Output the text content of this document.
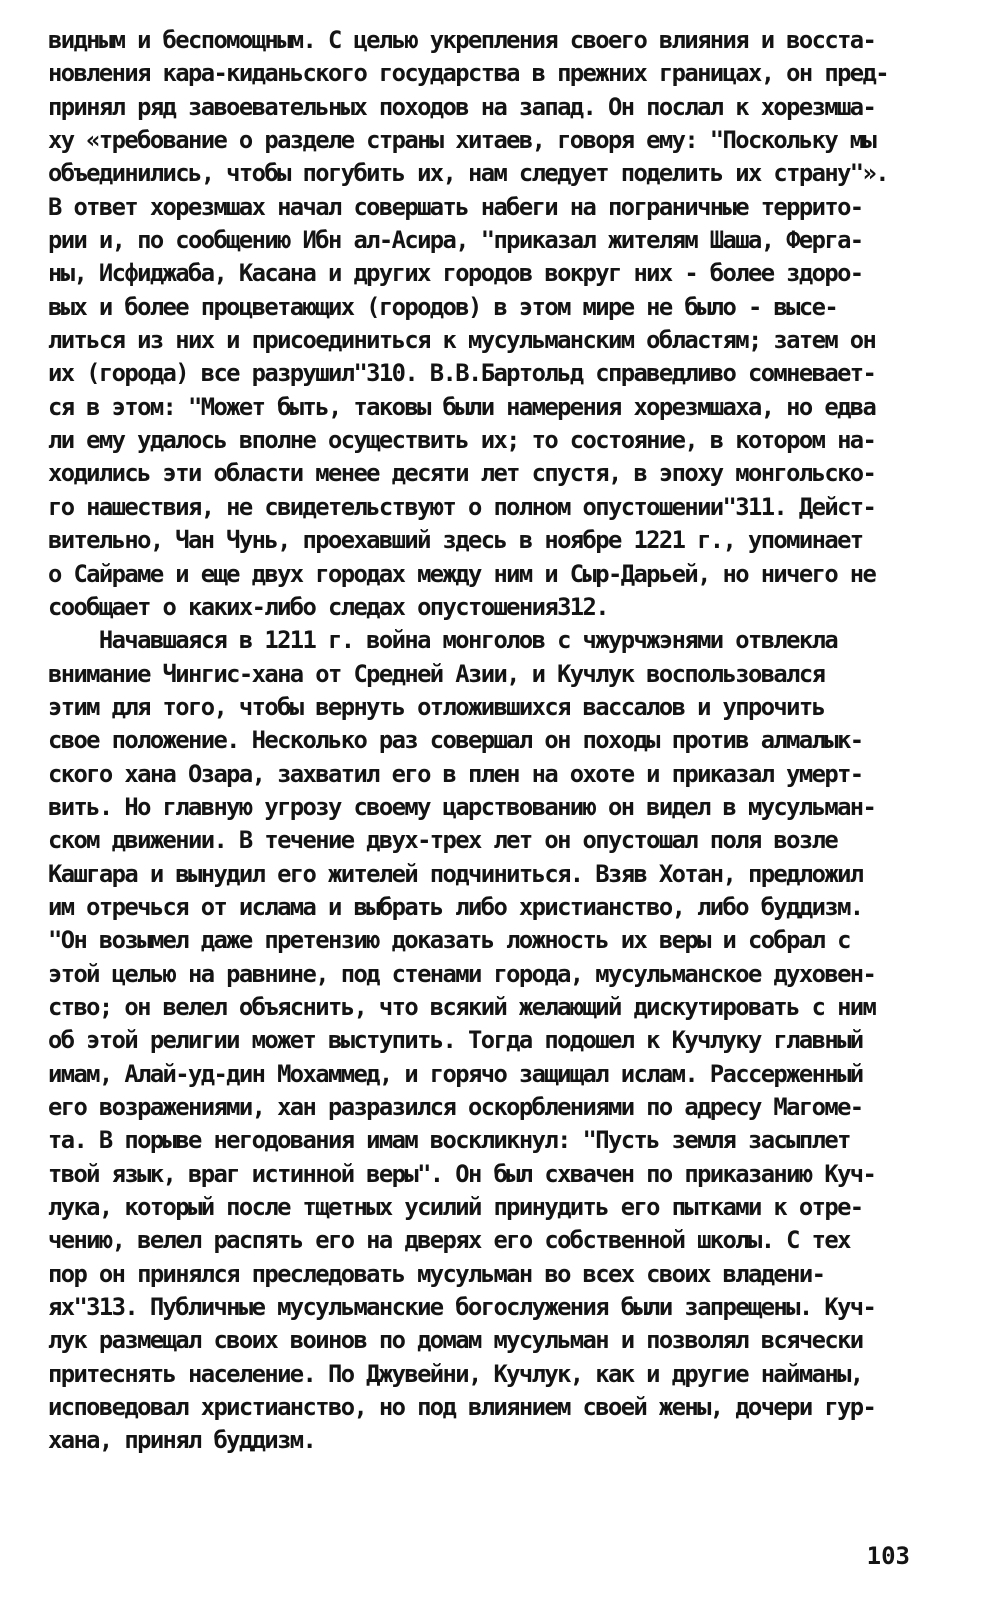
видным и беспомощным. С целью укрепления своего влияния и восста-
новления кара-киданьского государства в прежних границах, он пред-
принял ряд завоевательных походов на запад. Он послал к хорезмша-
ху «требование о разделе страны хитаев, говоря ему: "Поскольку мы
объединились, чтобы погубить их, нам следует поделить их страну"».
В ответ хорезмшах начал совершать набеги на пограничные террито-
рии и, по сообщению Ибн ал-Асира, "приказал жителям Шаша, Ферга-
ны, Исфиджаба, Касана и других городов вокруг них - более здоро-
вых и более процветающих (городов) в этом мире не было - высе-
литься из них и присоединиться к мусульманским областям; затем он
их (города) все разрушил"310. В.В.Бартольд справедливо сомневает-
ся в этом: "Может быть, таковы были намерения хорезмшаха, но едва
ли ему удалось вполне осуществить их; то состояние, в котором на-
ходились эти области менее десяти лет спустя, в эпоху монгольско-
го нашествия, не свидетельствуют о полном опустошении"311. Дейст-
вительно, Чан Чунь, проехавший здесь в ноябре 1221 г., упоминает
о Сайраме и еще двух городах между ним и Сыр-Дарьей, но ничего не
сообщает о каких-либо следах опустошения312.
Начавшаяся в 1211 г. война монголов с чжурчжэнями отвлекла
внимание Чингис-хана от Средней Азии, и Кучлук воспользовался
этим для того, чтобы вернуть отложившихся вассалов и упрочить
свое положение. Несколько раз совершал он походы против алмалык-
ского хана Озара, захватил его в плен на охоте и приказал умерт-
вить. Но главную угрозу своему царствованию он видел в мусульман-
ском движении. В течение двух-трех лет он опустошал поля возле
Кашгара и вынудил его жителей подчиниться. Взяв Хотан, предложил
им отречься от ислама и выбрать либо христианство, либо буддизм.
"Он возымел даже претензию доказать ложность их веры и собрал с
этой целью на равнине, под стенами города, мусульманское духовен-
ство; он велел объяснить, что всякий желающий дискутировать с ним
об этой религии может выступить. Тогда подошел к Кучлуку главный
имам, Алай-уд-дин Мохаммед, и горячо защищал ислам. Рассерженный
его возражениями, хан разразился оскорблениями по адресу Магоме-
та. В порыве негодования имам воскликнул: "Пусть земля засыплет
твой язык, враг истинной веры". Он был схвачен по приказанию Куч-
лука, который после тщетных усилий принудить его пытками к отре-
чению, велел распять его на дверях его собственной школы. С тех
пор он принялся преследовать мусульман во всех своих владени-
ях"313. Публичные мусульманские богослужения были запрещены. Куч-
лук размещал своих воинов по домам мусульман и позволял всячески
притеснять население. По Джувейни, Кучлук, как и другие найманы,
исповедовал христианство, но под влиянием своей жены, дочери гур-
хана, принял буддизм.
103
